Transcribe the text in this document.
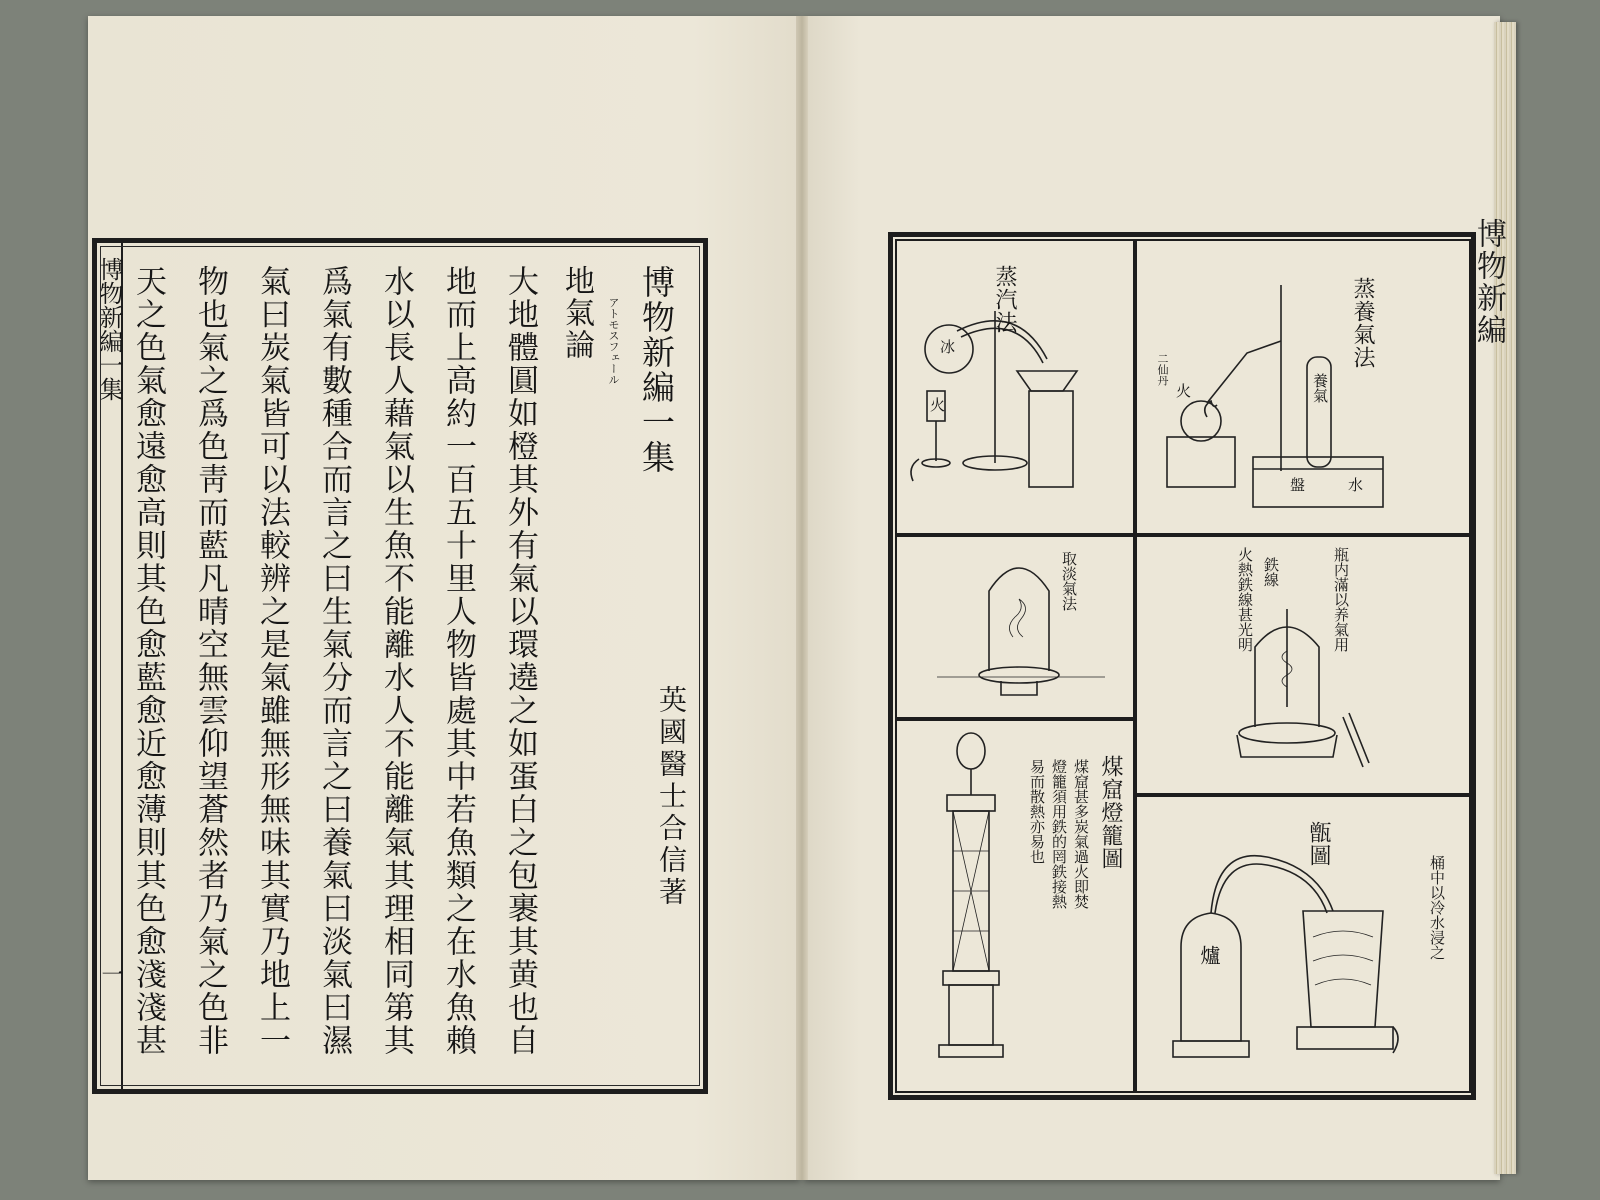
博物新編一集
地氣論 アトモスフェール
英國醫士合信著
大地體圓如橙其外有氣以環遶之如蛋白之包裹其黄也自
地而上高約一百五十里人物皆處其中若魚類之在水魚賴
水以長人藉氣以生魚不能離水人不能離氣其理相同第其
爲氣有數種合而言之曰生氣分而言之曰養氣曰淡氣曰濕
氣曰炭氣皆可以法較辨之是氣雖無形無味其實乃地上一
物也氣之爲色靑而藍凡晴空無雲仰望蒼然者乃氣之色非
天之色氣愈遠愈高則其色愈藍愈近愈薄則其色愈淺淺甚
博物新編一集
一
蒸汽法
冰
火
蒸養氣法
二仙丹
火	養氣
盤	水
取淡氣法	鉄線	瓶内滿以养氣用
火熱鉄線甚光明
煤窟燈籠圖
煤窟甚多炭氣過火即焚
燈籠須用鉄的罔鉄接熱
易而散熱亦易也	甑圖
爐	桶中以冷水浸之
博物新編
